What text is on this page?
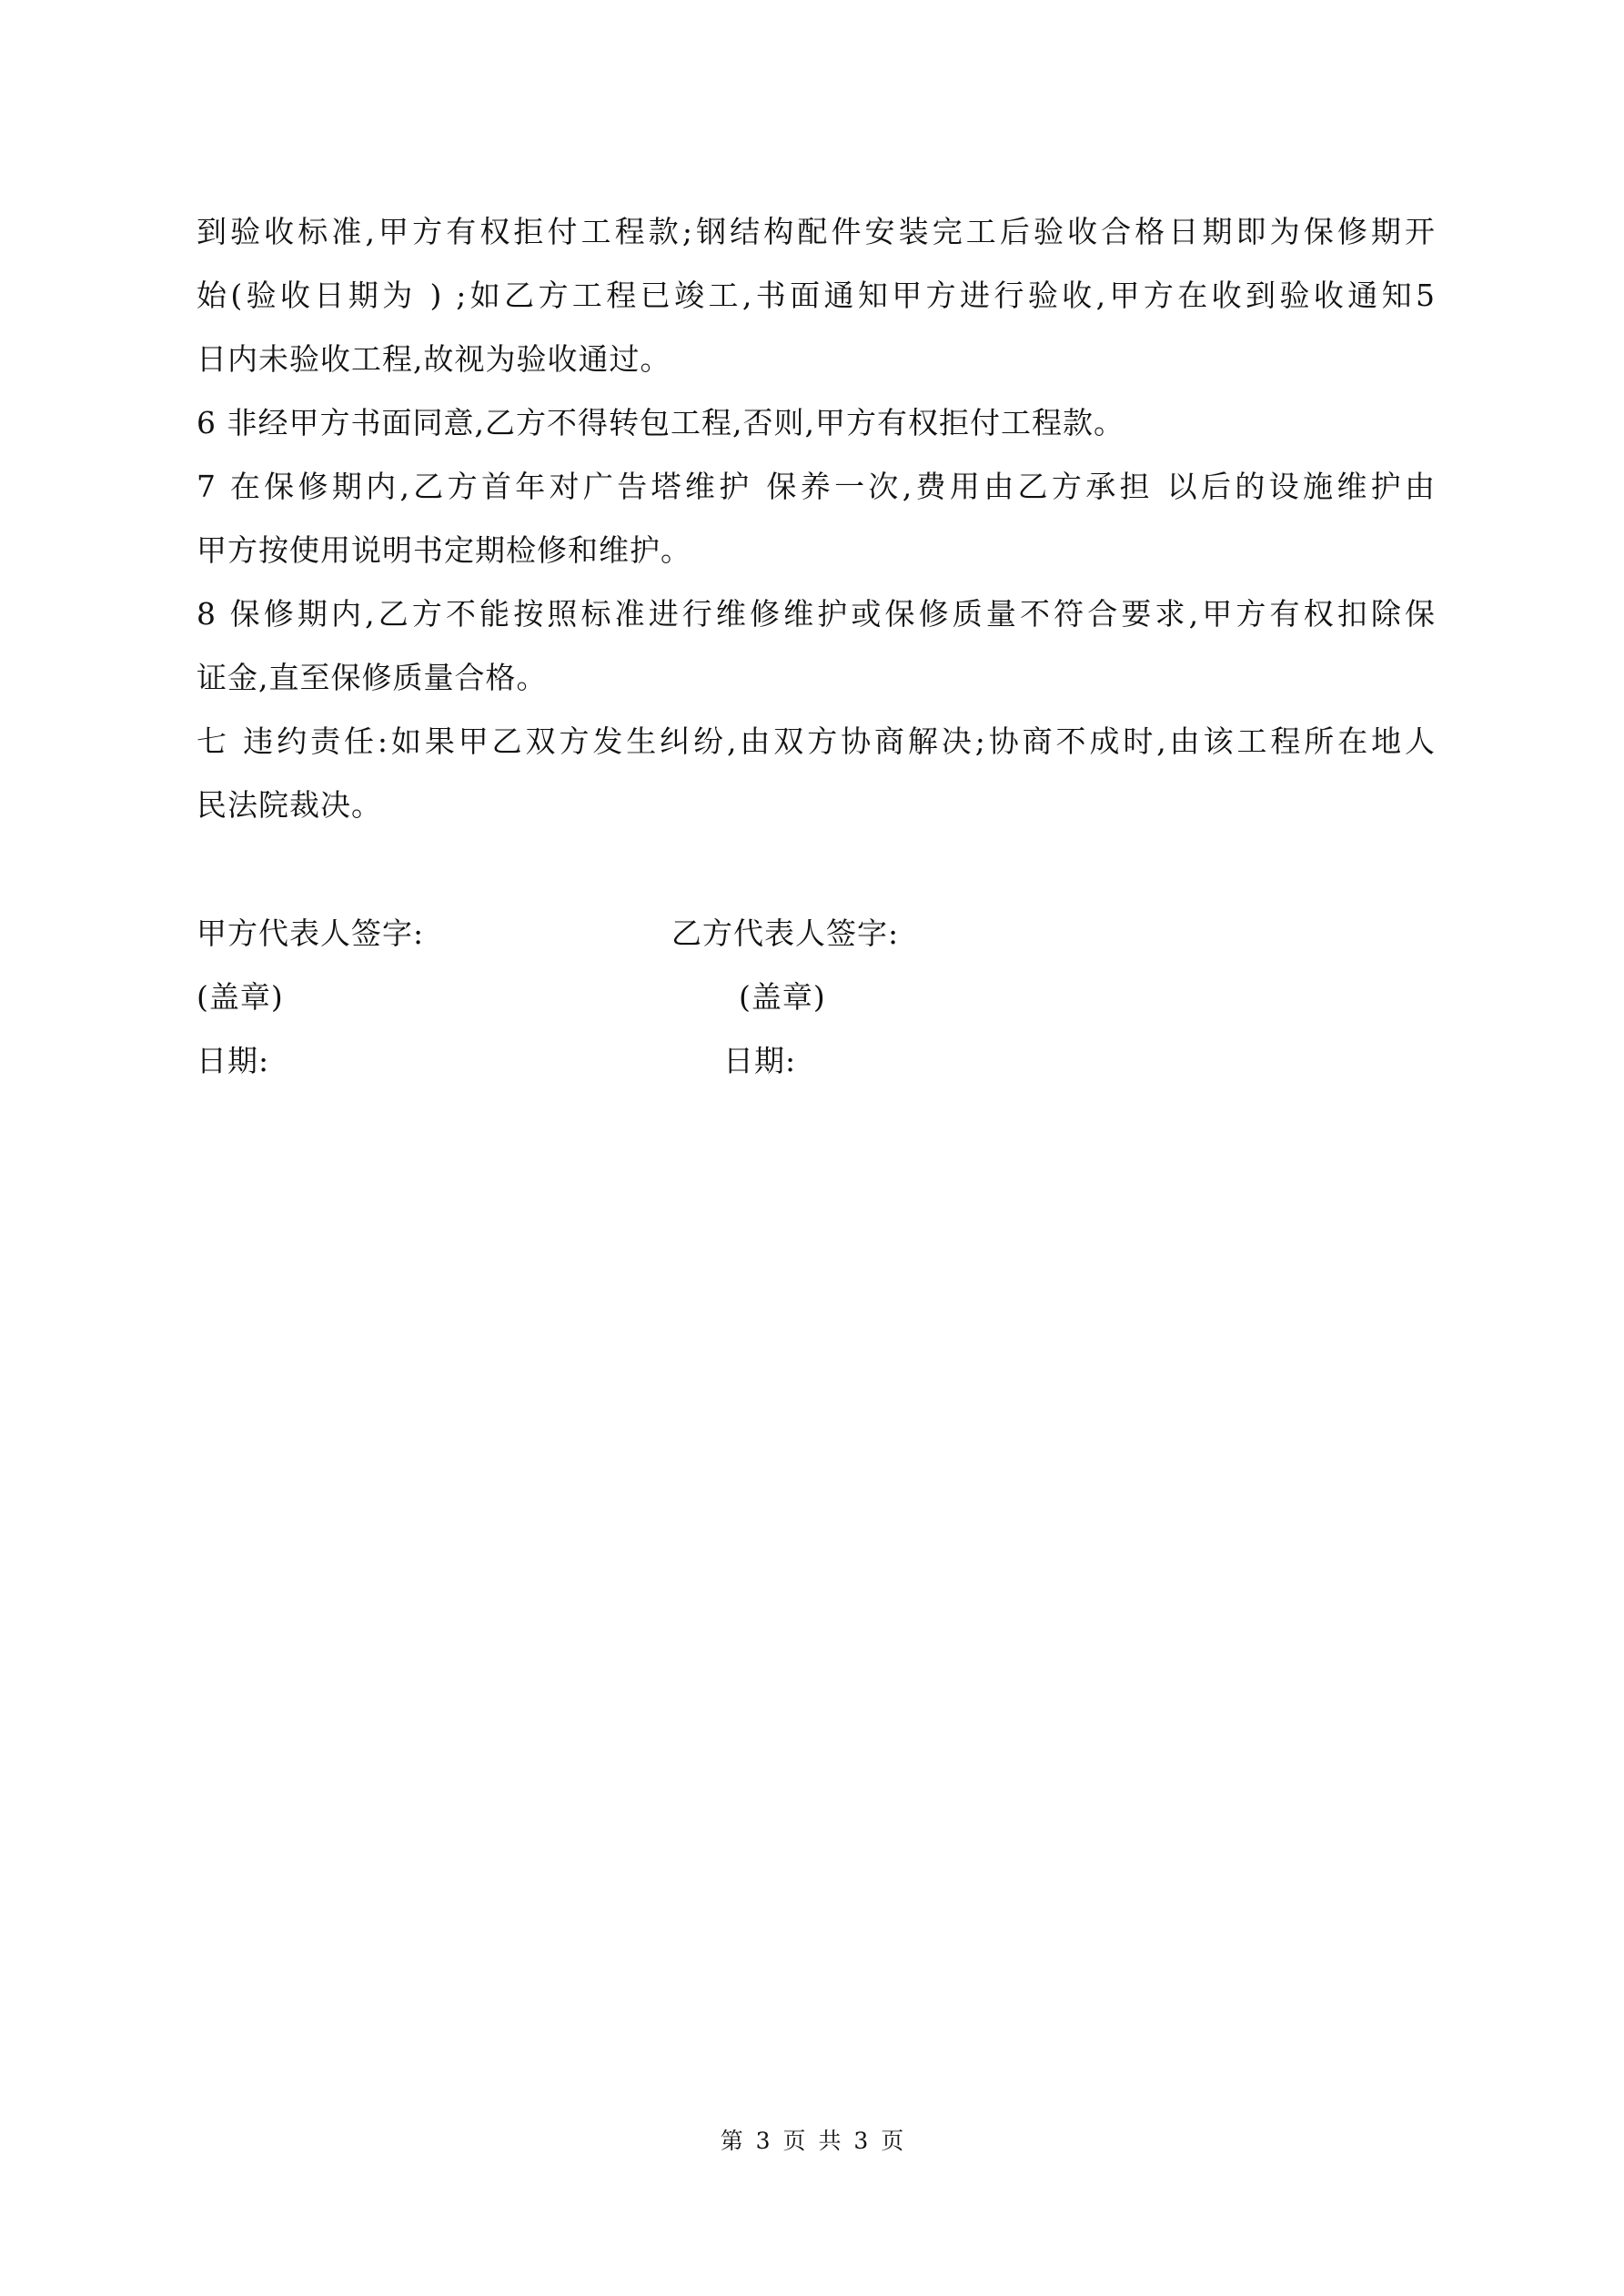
到验收标准,甲方有权拒付工程款;钢结构配件安装完工后验收合格日期即为保修期开
始(验收日期为 ) ;如乙方工程已竣工,书面通知甲方进行验收,甲方在收到验收通知5
日内未验收工程,故视为验收通过。
6 非经甲方书面同意,乙方不得转包工程,否则,甲方有权拒付工程款。
7 在保修期内,乙方首年对广告塔维护 保养一次,费用由乙方承担 以后的设施维护由
甲方按使用说明书定期检修和维护。
8 保修期内,乙方不能按照标准进行维修维护或保修质量不符合要求,甲方有权扣除保
证金,直至保修质量合格。
七 违约责任:如果甲乙双方发生纠纷,由双方协商解决;协商不成时,由该工程所在地人
民法院裁决。
甲方代表人签字:	乙方代表人签字:
(盖章)	(盖章)
日期:	日期:
第 3 页 共 3 页
